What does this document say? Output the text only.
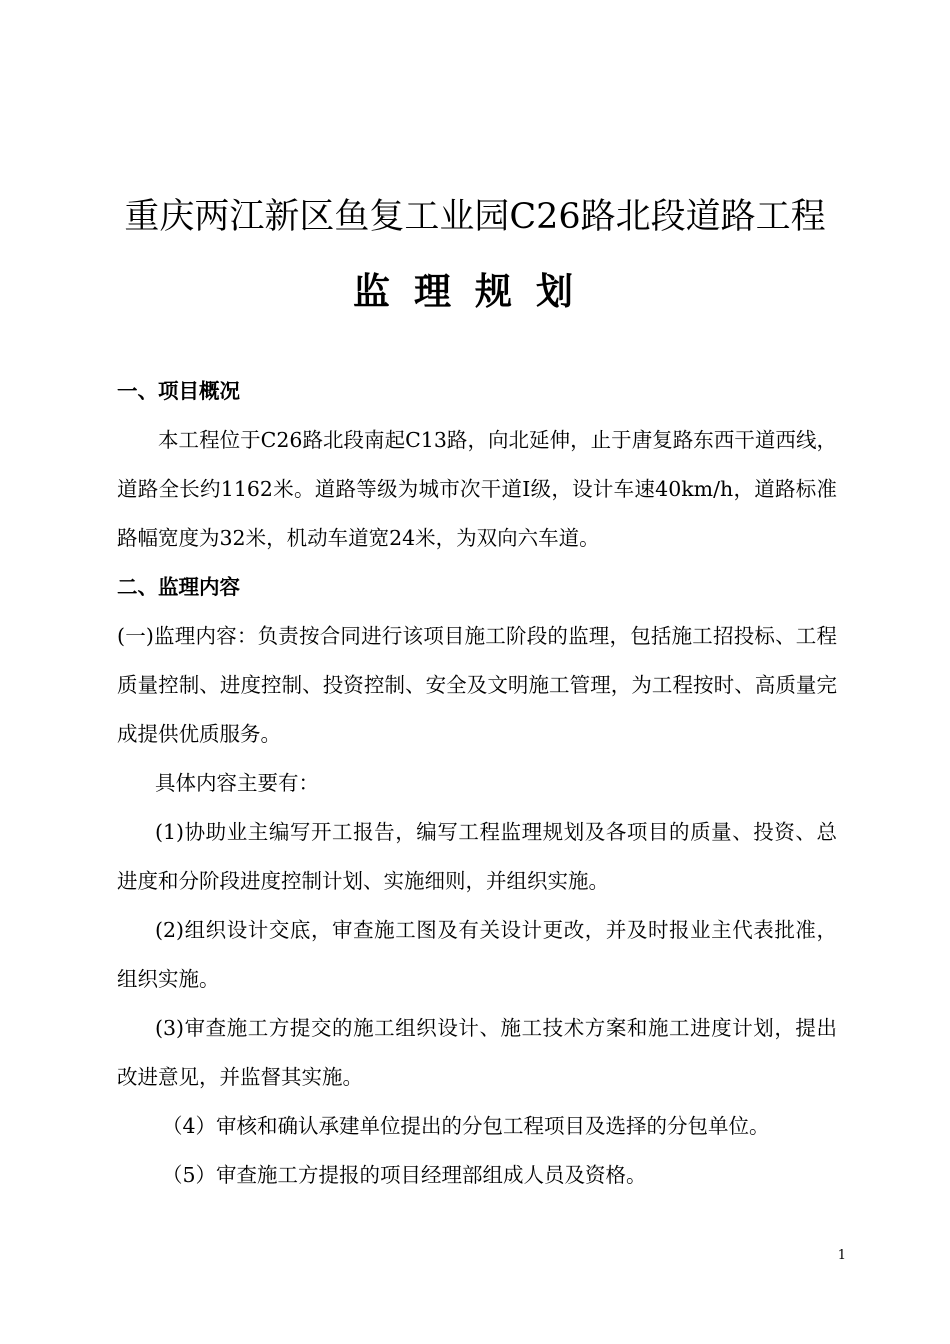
重庆两江新区鱼复工业园C26路北段道路工程
监理规划

一、项目概况

本工程位于C26路北段南起C13路，向北延伸，止于唐复路东西干道西线，道路全长约1162米。道路等级为城市次干道Ⅰ级，设计车速40km/h，道路标准路幅宽度为32米，机动车道宽24米，为双向六车道。

二、监理内容

(一)监理内容：负责按合同进行该项目施工阶段的监理，包括施工招投标、工程质量控制、进度控制、投资控制、安全及文明施工管理，为工程按时、高质量完成提供优质服务。

具体内容主要有：

(1)协助业主编写开工报告，编写工程监理规划及各项目的质量、投资、总进度和分阶段进度控制计划、实施细则，并组织实施。

(2)组织设计交底，审查施工图及有关设计更改，并及时报业主代表批准，组织实施。

(3)审查施工方提交的施工组织设计、施工技术方案和施工进度计划，提出改进意见，并监督其实施。

（4）审核和确认承建单位提出的分包工程项目及选择的分包单位。

（5）审查施工方提报的项目经理部组成人员及资格。

1
